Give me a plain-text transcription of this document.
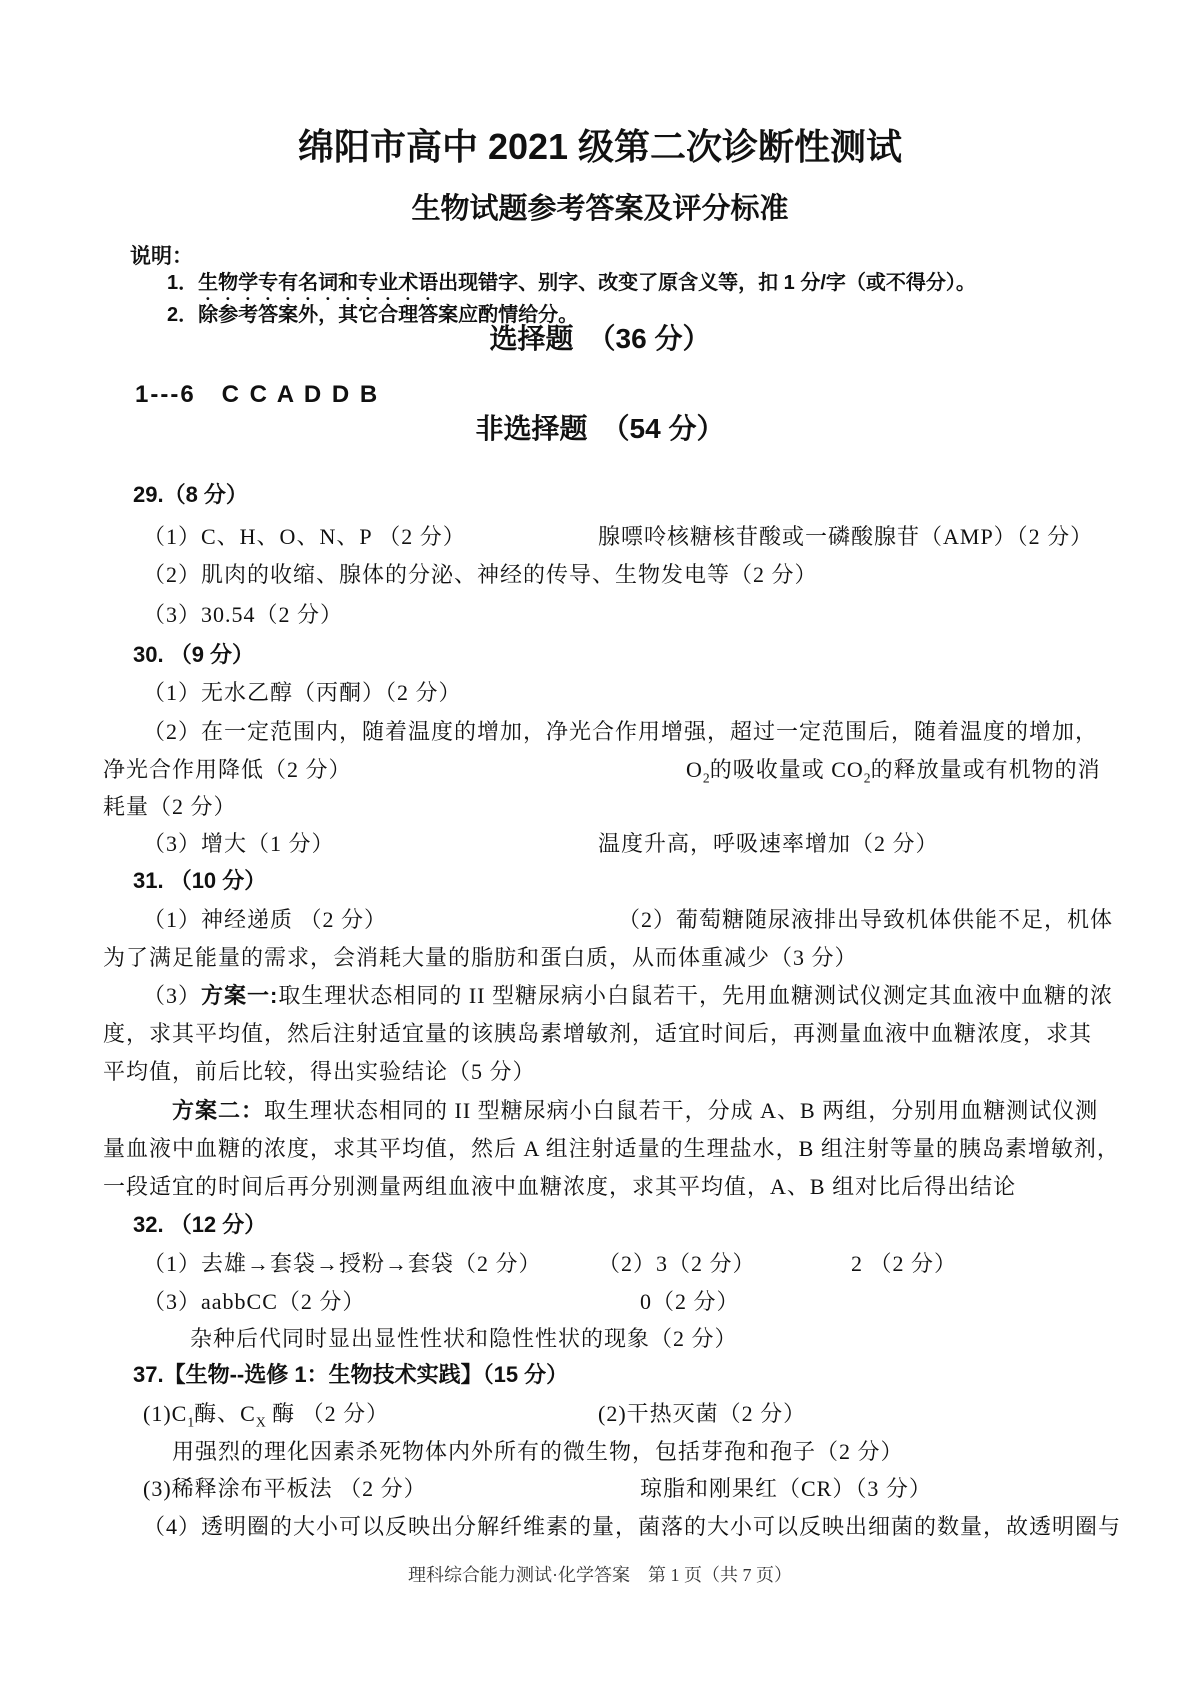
绵阳市高中 2021 级第二次诊断性测试
生物试题参考答案及评分标准
说明：
1．生物学专有名词和专业术语出现错字、别字、改变了原含义等，扣 1 分/字（或不得分）。
2．除参考答案外，其它合理答案应酌情给分。
选择题　（36 分）
1---6   C C A D D B
非选择题　（54 分）
29.（8 分）
（1）C、H、O、N、P （2 分）	腺嘌呤核糖核苷酸或一磷酸腺苷（AMP）（2 分）
（2）肌肉的收缩、腺体的分泌、神经的传导、生物发电等（2 分）
（3）30.54（2 分）
30. （9 分）
（1）无水乙醇（丙酮）（2 分）
（2）在一定范围内，随着温度的增加，净光合作用增强，超过一定范围后，随着温度的增加，
净光合作用降低（2 分）	$O_2$的吸收量或 $CO_2$的释放量或有机物的消
耗量（2 分）
（3）增大（1 分）	温度升高，呼吸速率增加（2 分）
31. （10 分）
（1）神经递质 （2 分）	（2）葡萄糖随尿液排出导致机体供能不足，机体
为了满足能量的需求，会消耗大量的脂肪和蛋白质，从而体重减少（3 分）
（3）方案一:取生理状态相同的 II 型糖尿病小白鼠若干，先用血糖测试仪测定其血液中血糖的浓
度，求其平均值，然后注射适宜量的该胰岛素增敏剂，适宜时间后，再测量血液中血糖浓度，求其
平均值，前后比较，得出实验结论（5 分）
方案二：取生理状态相同的 II 型糖尿病小白鼠若干，分成 A、B 两组，分别用血糖测试仪测
量血液中血糖的浓度，求其平均值，然后 A 组注射适量的生理盐水，B 组注射等量的胰岛素增敏剂，
一段适宜的时间后再分别测量两组血液中血糖浓度，求其平均值，A、B 组对比后得出结论
32. （12 分）
（1）去雄→套袋→授粉→套袋（2 分）	（2）3（2 分）	2 （2 分）
（3）aabbCC（2 分）	0（2 分）
杂种后代同时显出显性性状和隐性性状的现象（2 分）
37.【生物--选修 1：生物技术实践】（15 分）
$(1)C_1$酶、$C_X$ 酶 （2 分）	(2)干热灭菌（2 分）
用强烈的理化因素杀死物体内外所有的微生物，包括芽孢和孢子（2 分）
(3)稀释涂布平板法 （2 分）	琼脂和刚果红（CR）（3 分）
（4）透明圈的大小可以反映出分解纤维素的量，菌落的大小可以反映出细菌的数量，故透明圈与
理科综合能力测试·化学答案　第 1 页（共 7 页）
